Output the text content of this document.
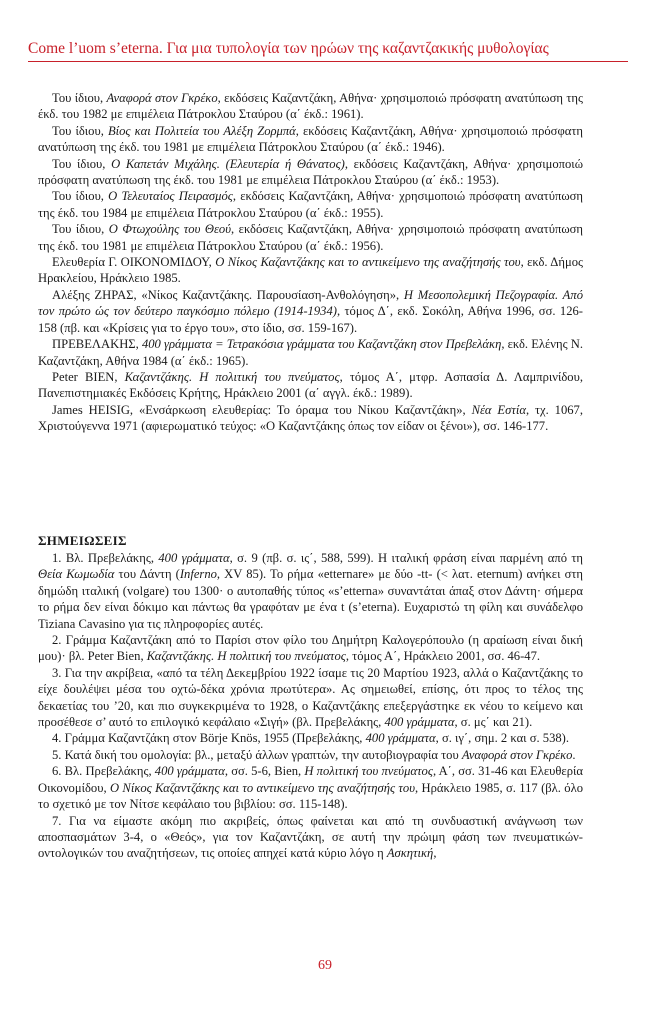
Come l’uom s’eterna. Για μια τυπολογία των ηρώων της καζαντζακικής μυθολογίας

Του ίδιου, Αναφορά στον Γκρέκο, εκδόσεις Καζαντζάκη, Αθήνα· χρησιμοποιώ πρόσφατη ανατύπωση της έκδ. του 1982 με επιμέλεια Πάτροκλου Σταύρου (α΄ έκδ.: 1961).

Του ίδιου, Βίος και Πολιτεία του Αλέξη Ζορμπά, εκδόσεις Καζαντζάκη, Αθήνα· χρησιμοποιώ πρόσφατη ανατύπωση της έκδ. του 1981 με επιμέλεια Πάτροκλου Σταύρου (α΄ έκδ.: 1946).

Του ίδιου, Ο Καπετάν Μιχάλης. (Ελευτερία ή Θάνατος), εκδόσεις Καζαντζάκη, Αθήνα· χρησιμοποιώ πρόσφατη ανατύπωση της έκδ. του 1981 με επιμέλεια Πάτροκλου Σταύρου (α΄ έκδ.: 1953).

Του ίδιου, Ο Τελευταίος Πειρασμός, εκδόσεις Καζαντζάκη, Αθήνα· χρησιμοποιώ πρόσφατη ανατύπωση της έκδ. του 1984 με επιμέλεια Πάτροκλου Σταύρου (α΄ έκδ.: 1955).

Του ίδιου, Ο Φτωχούλης του Θεού, εκδόσεις Καζαντζάκη, Αθήνα· χρησιμοποιώ πρόσφατη ανατύπωση της έκδ. του 1981 με επιμέλεια Πάτροκλου Σταύρου (α΄ έκδ.: 1956).

Ελευθερία Γ. ΟΙΚΟΝΟΜΙΔΟΥ, Ο Νίκος Καζαντζάκης και το αντικείμενο της αναζήτησής του, εκδ. Δήμος Ηρακλείου, Ηράκλειο 1985.

Αλέξης ΖΗΡΑΣ, «Νίκος Καζαντζάκης. Παρουσίαση-Ανθολόγηση», Η Μεσοπολεμική Πεζογραφία. Από τον πρώτο ώς τον δεύτερο παγκόσμιο πόλεμο (1914-1934), τόμος Δ΄, εκδ. Σοκόλη, Αθήνα 1996, σσ. 126-158 (πβ. και «Κρίσεις για το έργο του», στο ίδιο, σσ. 159-167).

ΠΡΕΒΕΛΑΚΗΣ, 400 γράμματα = Τετρακόσια γράμματα του Καζαντζάκη στον Πρεβελάκη, εκδ. Ελένης Ν. Καζαντζάκη, Αθήνα 1984 (α΄ έκδ.: 1965).

Peter BIEN, Καζαντζάκης. Η πολιτική του πνεύματος, τόμος Α΄, μτφρ. Ασπασία Δ. Λαμπρινίδου, Πανεπιστημιακές Εκδόσεις Κρήτης, Ηράκλειο 2001 (α΄ αγγλ. έκδ.: 1989).

James HEISIG, «Ενσάρκωση ελευθερίας: Το όραμα του Νίκου Καζαντζάκη», Νέα Εστία, τχ. 1067, Χριστούγεννα 1971 (αφιερωματικό τεύχος: «Ο Καζαντζάκης όπως τον είδαν οι ξένοι»), σσ. 146-177.

ΣΗΜΕΙΩΣΕΙΣ

1. Βλ. Πρεβελάκης, 400 γράμματα, σ. 9 (πβ. σ. ις΄, 588, 599). Η ιταλική φράση είναι παρμένη από τη Θεία Κωμωδία του Δάντη (Inferno, XV 85). Το ρήμα «etternare» με δύο -tt- (< λατ. eternum) ανήκει στη δημώδη ιταλική (volgare) του 1300· ο αυτοπαθής τύπος «s’etterna» συναντάται άπαξ στον Δάντη· σήμερα το ρήμα δεν είναι δόκιμο και πάντως θα γραφόταν με ένα t (s’eterna). Ευχαριστώ τη φίλη και συνάδελφο Tiziana Cavasino για τις πληροφορίες αυτές.

2. Γράμμα Καζαντζάκη από το Παρίσι στον φίλο του Δημήτρη Καλογερόπουλο (η αραίωση είναι δική μου)· βλ. Peter Bien, Καζαντζάκης. Η πολιτική του πνεύματος, τόμος Α΄, Ηράκλειο 2001, σσ. 46-47.

3. Για την ακρίβεια, «από τα τέλη Δεκεμβρίου 1922 ίσαμε τις 20 Μαρτίου 1923, αλλά ο Καζαντζάκης το είχε δουλέψει μέσα του οχτώ-δέκα χρόνια πρωτύτερα». Ας σημειωθεί, επίσης, ότι προς το τέλος της δεκαετίας του ’20, και πιο συγκεκριμένα το 1928, ο Καζαντζάκης επεξεργάστηκε εκ νέου το κείμενο και προσέθεσε σ’ αυτό το επιλογικό κεφάλαιο «Σιγή» (βλ. Πρεβελάκης, 400 γράμματα, σ. μς΄ και 21).

4. Γράμμα Καζαντζάκη στον Börje Knös, 1955 (Πρεβελάκης, 400 γράμματα, σ. ιγ΄, σημ. 2 και σ. 538).

5. Κατά δική του ομολογία: βλ., μεταξύ άλλων γραπτών, την αυτοβιογραφία του Αναφορά στον Γκρέκο.

6. Βλ. Πρεβελάκης, 400 γράμματα, σσ. 5-6, Bien, Η πολιτική του πνεύματος, Α΄, σσ. 31-46 και Ελευθερία Οικονομίδου, Ο Νίκος Καζαντζάκης και το αντικείμενο της αναζήτησής του, Ηράκλειο 1985, σ. 117 (βλ. όλο το σχετικό με τον Νίτσε κεφάλαιο του βιβλίου: σσ. 115-148).

7. Για να είμαστε ακόμη πιο ακριβείς, όπως φαίνεται και από τη συνδυαστική ανάγνωση των αποσπασμάτων 3-4, ο «Θεός», για τον Καζαντζάκη, σε αυτή την πρώιμη φάση των πνευματικών-οντολογικών του αναζητήσεων, τις οποίες απηχεί κατά κύριο λόγο η Ασκητική,

69
